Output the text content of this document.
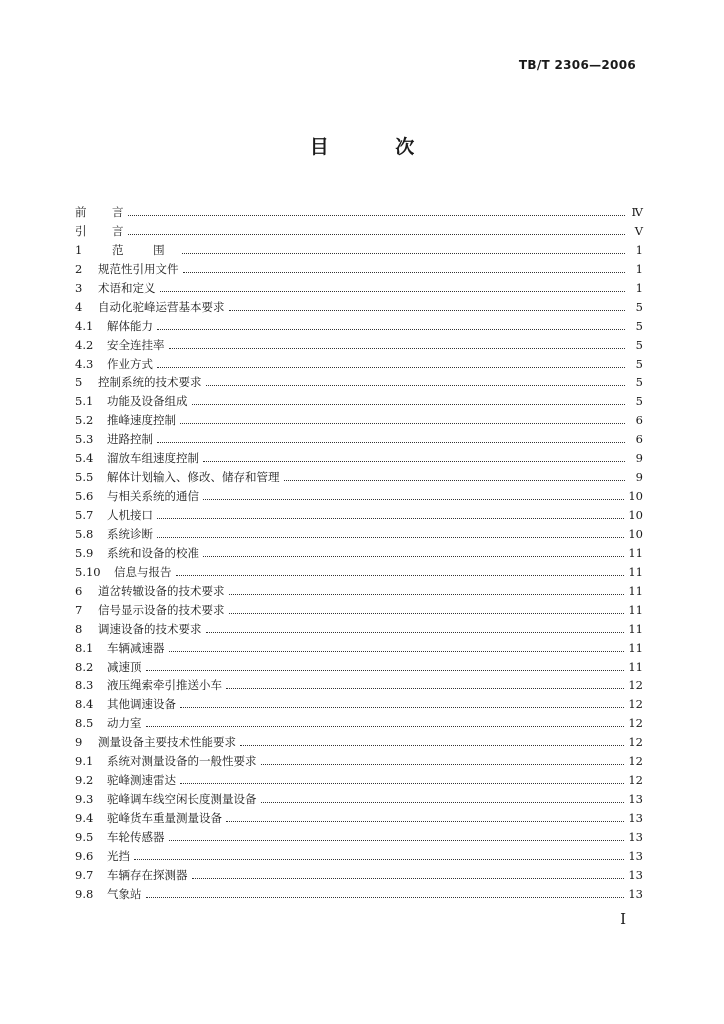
TB/T 2306—2006
目 次
前	言	Ⅳ
引	言	Ⅴ
1	范 围	1
2	规范性引用文件	1
3	术语和定义	1
4	自动化驼峰运营基本要求	5
4.1 解体能力	5
4.2 安全连挂率	5
4.3 作业方式	5
5	控制系统的技术要求	5
5.1 功能及设备组成	5
5.2 推峰速度控制	6
5.3 进路控制	6
5.4 溜放车组速度控制	9
5.5 解体计划输入、修改、储存和管理	9
5.6 与相关系统的通信	10
5.7 人机接口	10
5.8 系统诊断	10
5.9 系统和设备的校准	11
5.10 信息与报告	11
6	道岔转辙设备的技术要求	11
7	信号显示设备的技术要求	11
8	调速设备的技术要求	11
8.1 车辆减速器	11
8.2 减速顶	11
8.3 液压绳索牵引推送小车	12
8.4 其他调速设备	12
8.5 动力室	12
9	测量设备主要技术性能要求	12
9.1 系统对测量设备的一般性要求	12
9.2 驼峰测速雷达	12
9.3 驼峰调车线空闲长度测量设备	13
9.4 驼峰货车重量测量设备	13
9.5 车轮传感器	13
9.6 光挡	13
9.7 车辆存在探测器	13
9.8 气象站	13
I
